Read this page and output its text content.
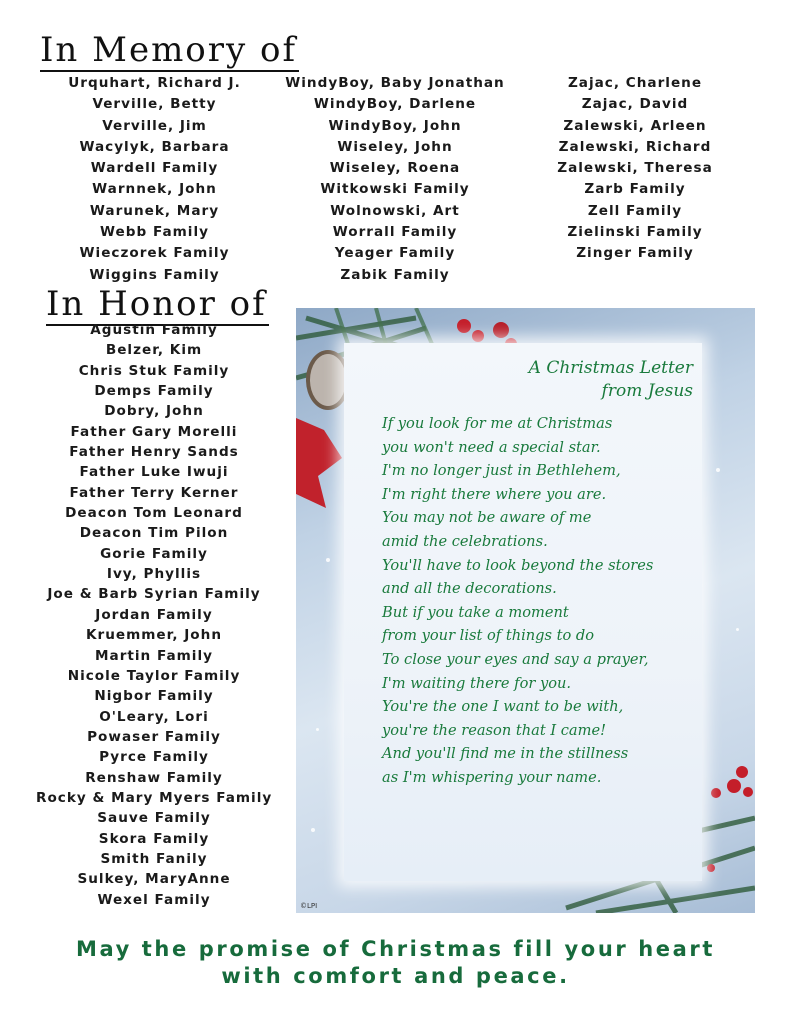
In Memory of
Urquhart, Richard J.
Verville, Betty
Verville, Jim
Wacylyk, Barbara
Wardell Family
Warnnek, John
Warunek, Mary
Webb Family
Wieczorek Family
Wiggins Family
WindyBoy, Baby Jonathan
WindyBoy, Darlene
WindyBoy, John
Wiseley, John
Wiseley, Roena
Witkowski Family
Wolnowski, Art
Worrall Family
Yeager Family
Zabik Family
Zajac, Charlene
Zajac, David
Zalewski, Arleen
Zalewski, Richard
Zalewski, Theresa
Zarb Family
Zell Family
Zielinski Family
Zinger Family
In Honor of
Agustin Family
Belzer, Kim
Chris Stuk Family
Demps Family
Dobry, John
Father Gary Morelli
Father Henry Sands
Father Luke Iwuji
Father Terry Kerner
Deacon Tom Leonard
Deacon Tim Pilon
Gorie Family
Ivy, Phyllis
Joe & Barb Syrian Family
Jordan Family
Kruemmer, John
Martin Family
Nicole Taylor Family
Nigbor Family
O'Leary, Lori
Powaser Family
Pyrce Family
Renshaw Family
Rocky & Mary Myers Family
Sauve Family
Skora Family
Smith Fanily
Sulkey, MaryAnne
Wexel Family
A Christmas Letter
from Jesus
If you look for me at Christmas
you won't need a special star.
I'm no longer just in Bethlehem,
I'm right there where you are.
You may not be aware of me
amid the celebrations.
You'll have to look beyond the stores
and all the decorations.
But if you take a moment
from your list of things to do
To close your eyes and say a prayer,
I'm waiting there for you.
You're the one I want to be with,
you're the reason that I came!
And you'll find me in the stillness
as I'm whispering your name.
©LPI
May the promise of Christmas fill your heart
with comfort and peace.
